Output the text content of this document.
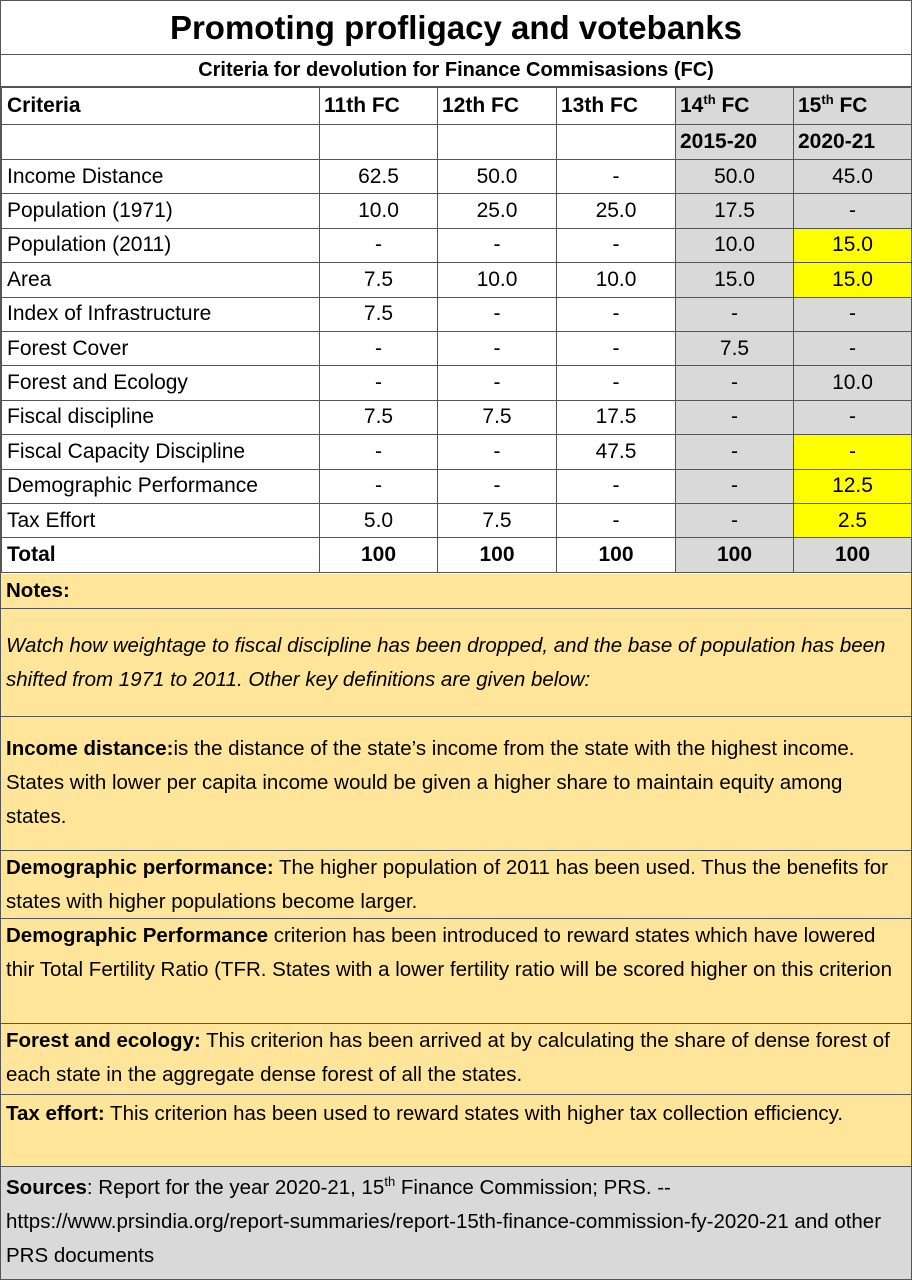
Promoting profligacy and votebanks
Criteria for devolution for Finance Commisasions (FC)
Criteria	11th FC	12th FC	13th FC	14th FC	15th FC
				2015-20	2020-21
Income Distance	62.5	50.0	-	50.0	45.0
Population (1971)	10.0	25.0	25.0	17.5	-
Population (2011)	-	-	-	10.0	15.0
Area	7.5	10.0	10.0	15.0	15.0
Index of Infrastructure	7.5	-	-	-	-
Forest Cover	-	-	-	7.5	-
Forest and Ecology	-	-	-	-	10.0
Fiscal discipline	7.5	7.5	17.5	-	-
Fiscal Capacity Discipline	-	-	47.5	-	-
Demographic Performance	-	-	-	-	12.5
Tax Effort	5.0	7.5	-	-	2.5
Total	100	100	100	100	100
Notes:
Watch how weightage to fiscal discipline has been dropped, and the base of population has been shifted from 1971 to 2011. Other key definitions are given below:
Income distance:is the distance of the state’s income from the state with the highest income. States with lower per capita income would be given a higher share to maintain equity among states.
Demographic performance: The higher population of 2011 has been used. Thus the benefits for states with higher populations become larger.
Demographic Performance criterion has been introduced to reward states which have lowered thir Total Fertility Ratio (TFR. States with a lower fertility ratio will be scored higher on this criterion
Forest and ecology: This criterion has been arrived at by calculating the share of dense forest of each state in the aggregate dense forest of all the states.
Tax effort: This criterion has been used to reward states with higher tax collection efficiency.
Sources: Report for the year 2020-21, 15th Finance Commission; PRS. --
https://www.prsindia.org/report-summaries/report-15th-finance-commission-fy-2020-21 and other PRS documents
